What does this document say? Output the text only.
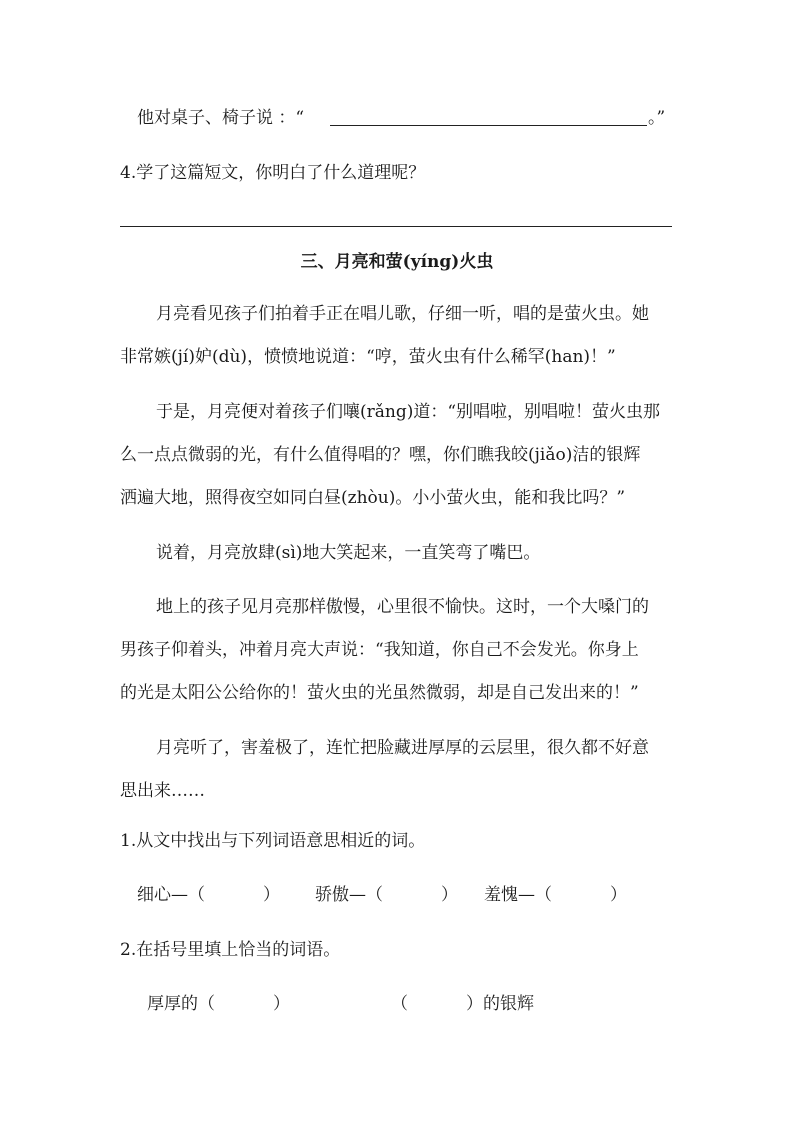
他对桌子、椅子说 ：“	。”
4.学了这篇短文，你明白了什么道理呢？
三、月亮和萤(yíng)火虫
月亮看见孩子们拍着手正在唱儿歌，仔细一听，唱的是萤火虫。她
非常嫉(jí)妒(dù)，愤愤地说道：“哼，萤火虫有什么稀罕(han)！”
于是，月亮便对着孩子们嚷(rǎng)道：“别唱啦，别唱啦！萤火虫那
么一点点微弱的光，有什么值得唱的？嘿，你们瞧我皎(jiǎo)洁的银辉
洒遍大地，照得夜空如同白昼(zhòu)。小小萤火虫，能和我比吗？”
说着，月亮放肆(sì)地大笑起来，一直笑弯了嘴巴。
地上的孩子见月亮那样傲慢，心里很不愉快。这时，一个大嗓门的
男孩子仰着头，冲着月亮大声说：“我知道，你自己不会发光。你身上
的光是太阳公公给你的！萤火虫的光虽然微弱，却是自己发出来的！”
月亮听了，害羞极了，连忙把脸藏进厚厚的云层里，很久都不好意
思出来……
1.从文中找出与下列词语意思相近的词。
细心—（	） 骄傲—（	） 羞愧—（	）
2.在括号里填上恰当的词语。
厚厚的（	）	（	）的银辉
